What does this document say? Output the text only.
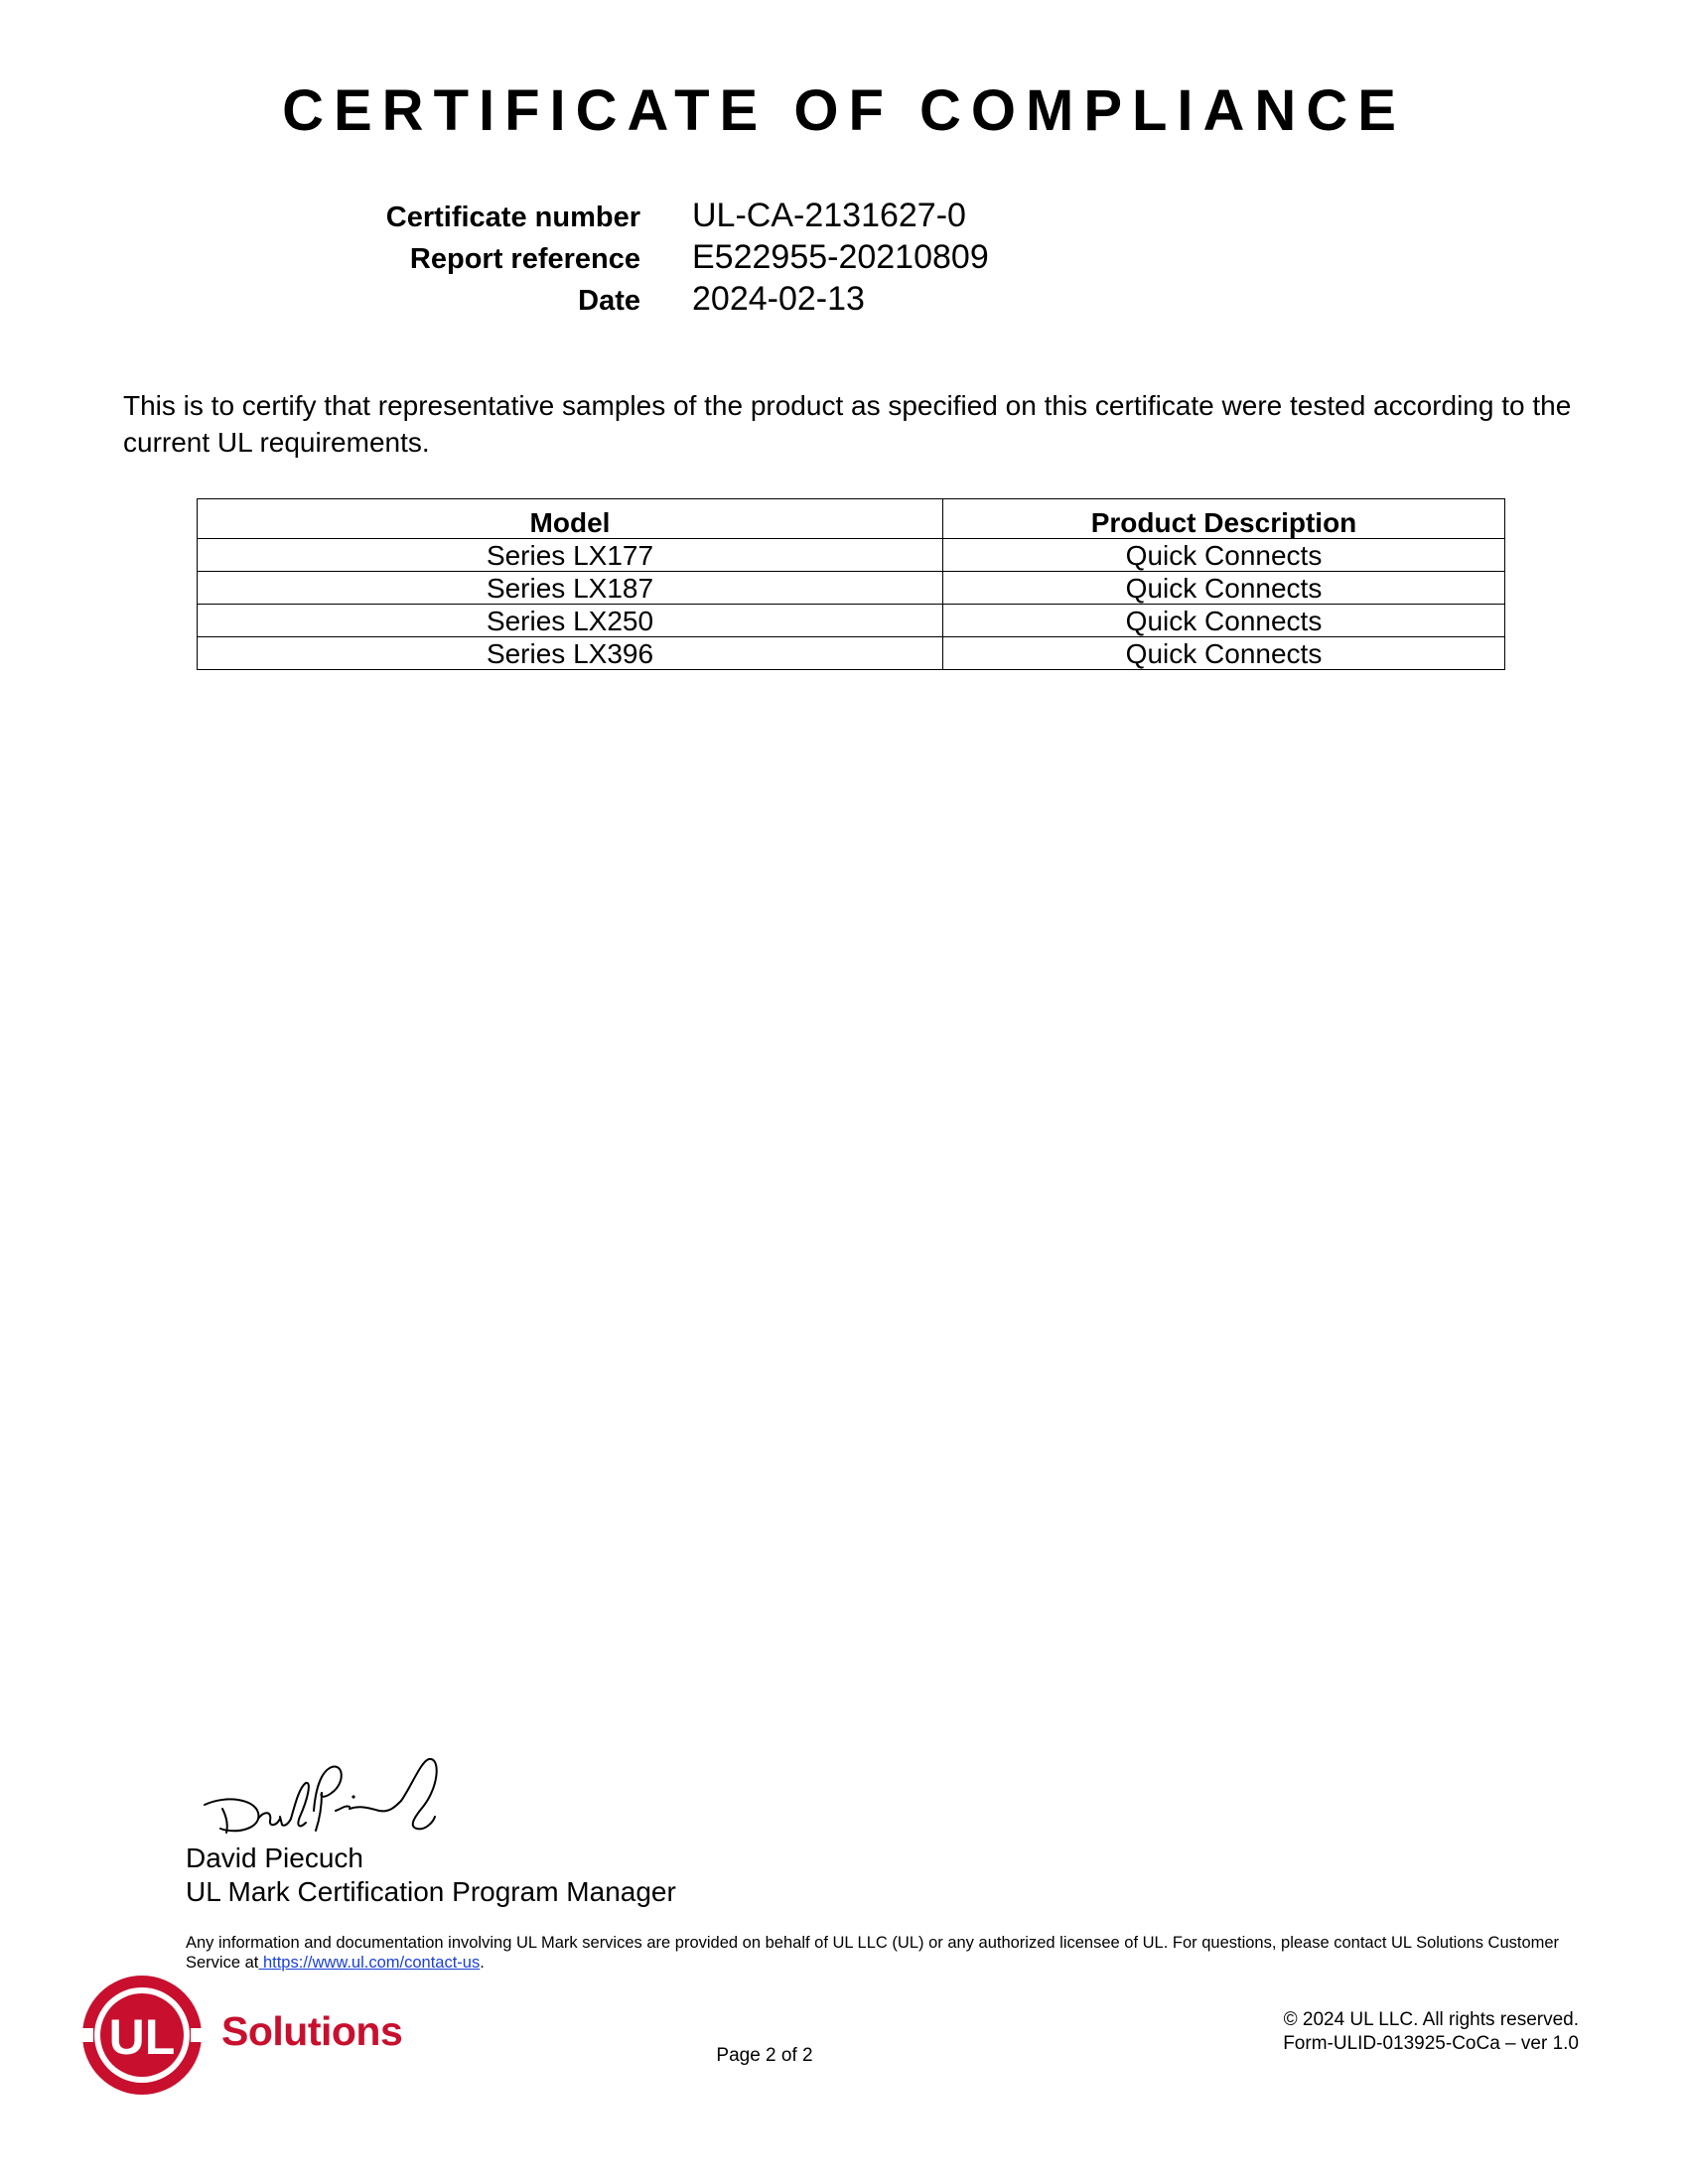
CERTIFICATE OF COMPLIANCE
Certificate number	UL-CA-2131627-0
Report reference	E522955-20210809
Date	2024-02-13
This is to certify that representative samples of the product as specified on this certificate were tested according to the current UL requirements.
Model	Product Description
Series LX177	Quick Connects
Series LX187	Quick Connects
Series LX250	Quick Connects
Series LX396	Quick Connects
David Piecuch
UL Mark Certification Program Manager
Any information and documentation involving UL Mark services are provided on behalf of UL LLC (UL) or any authorized licensee of UL. For questions, please contact UL Solutions Customer Service at https://www.ul.com/contact-us.
UL Solutions
Page 2 of 2
© 2024 UL LLC. All rights reserved.
Form-ULID-013925-CoCa – ver 1.0
